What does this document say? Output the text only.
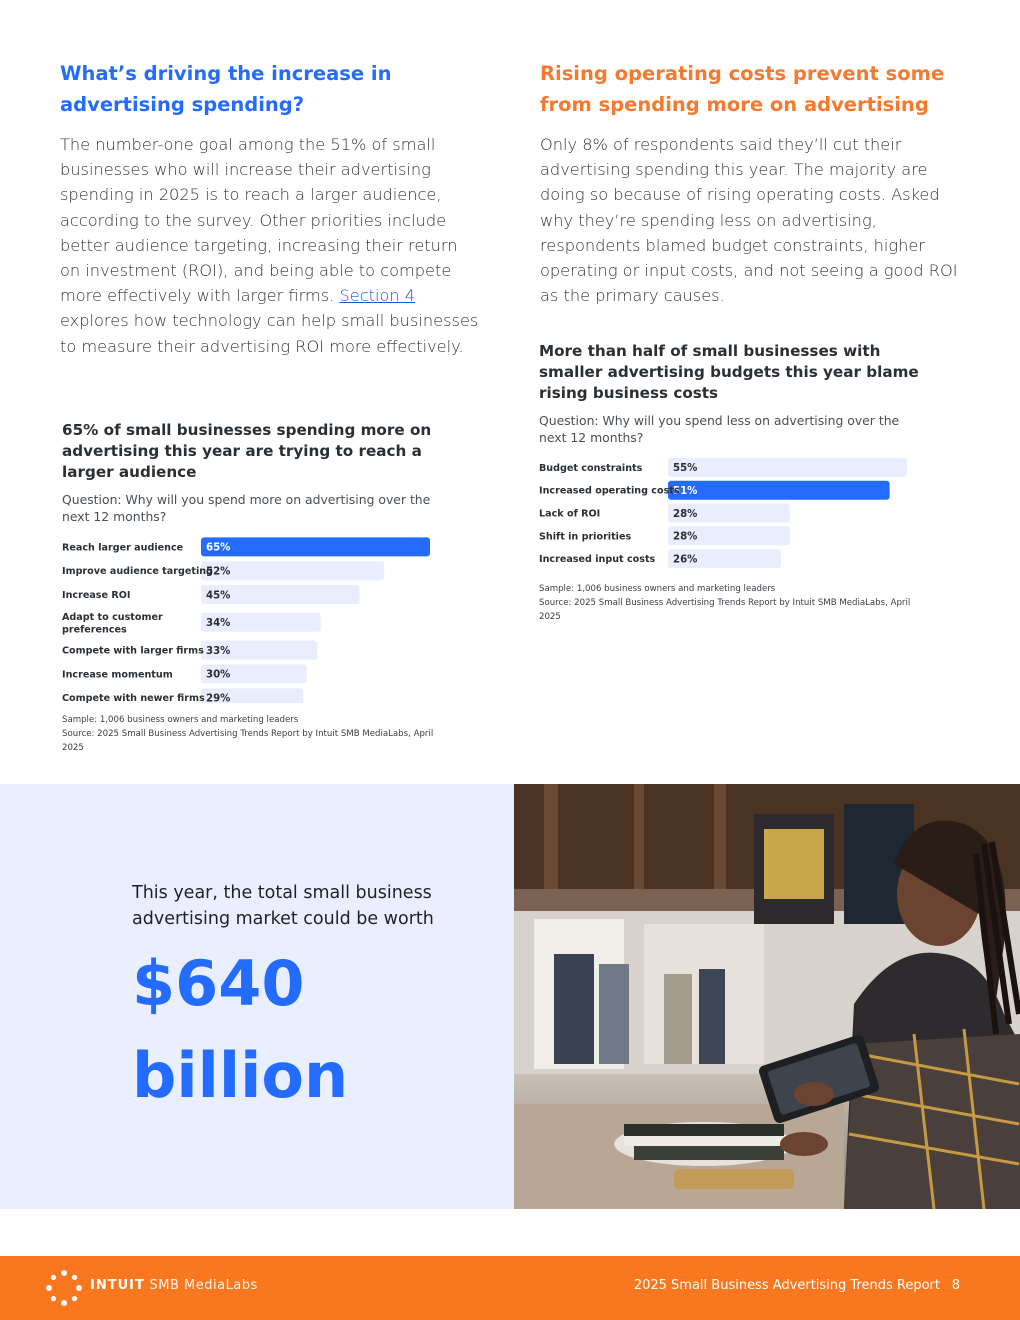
What’s driving the increase in advertising spending?

The number-one goal among the 51% of small businesses who will increase their advertising spending in 2025 is to reach a larger audience, according to the survey. Other priorities include better audience targeting, increasing their return on investment (ROI), and being able to compete more effectively with larger firms. Section 4 explores how technology can help small businesses to measure their advertising ROI more effectively.

Rising operating costs prevent some from spending more on advertising

Only 8% of respondents said they’ll cut their advertising spending this year. The majority are doing so because of rising operating costs. Asked why they’re spending less on advertising, respondents blamed budget constraints, higher operating or input costs, and not seeing a good ROI as the primary causes.

65% of small businesses spending more on advertising this year are trying to reach a larger audience
Question: Why will you spend more on advertising over the next 12 months?
65%
Reach larger audience
52%
Improve audience targeting
45%
Increase ROI
34%
Adapt to customer preferences
33%
Compete with larger firms
30%
Increase momentum
29%
Compete with newer firms
Sample: 1,006 business owners and marketing leaders
Source: 2025 Small Business Advertising Trends Report by Intuit SMB MediaLabs, April 2025
More than half of small businesses with smaller advertising budgets this year blame rising business costs
Question: Why will you spend less on advertising over the next 12 months?
55%
Budget constraints
51%
Increased operating costs
28%
Lack of ROI
28%
Shift in priorities
26%
Increased input costs
Sample: 1,006 business owners and marketing leaders
Source: 2025 Small Business Advertising Trends Report by Intuit SMB MediaLabs, April 2025
This year, the total small business advertising market could be worth
$640 billion
INTUIT SMB MediaLabs	2025 Small Business Advertising Trends Report 8
